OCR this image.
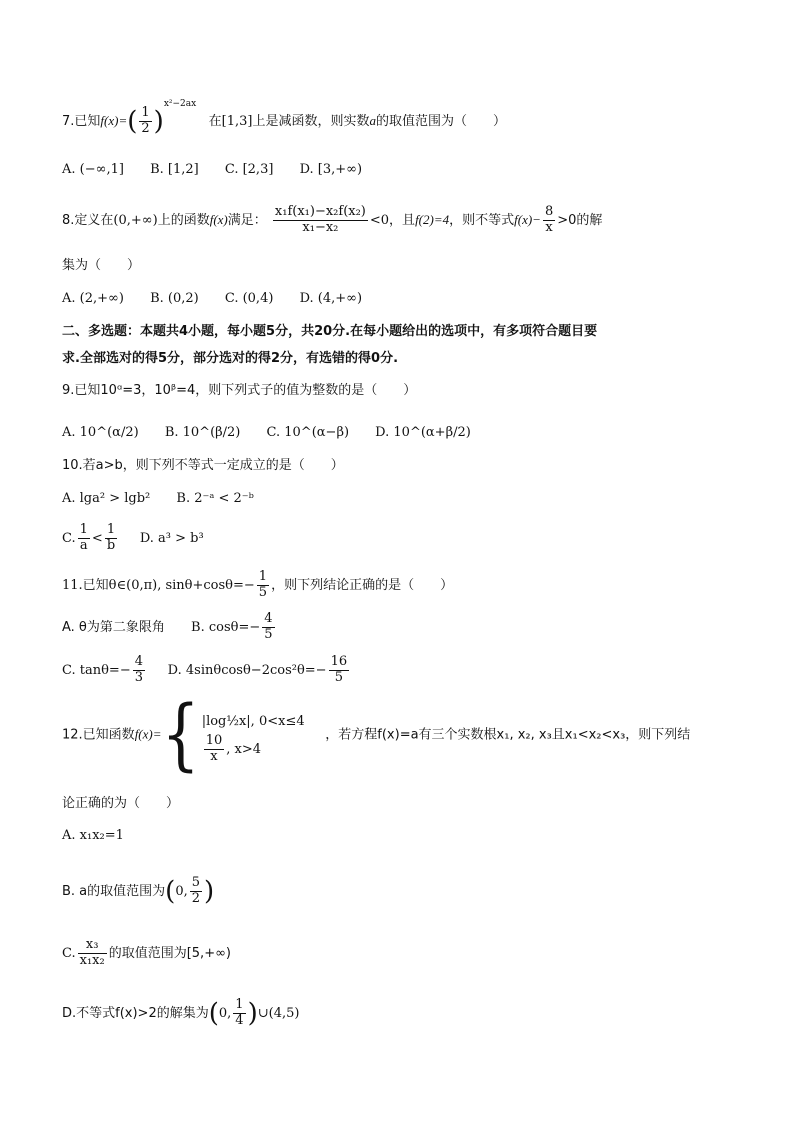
7.已知$f(x)=( \frac{1}{2} )^{x^2-2ax}$   在[1,3]上是减函数，则实数a的取值范围为（　　）
A. (−∞,1] B. [1,2] C. [2,3] D. [3,+∞)
8.定义在(0,+∞)上的函数f(x)满足： $\frac{\text{x₁f(x₁)−x₂f(x₂)}}{\text{x₁−x₂}} <0$，且f(2)=4，则不等式$f(x)- \frac{8}{x} >0$的解
集为（　　）
A. (2,+∞) B. (0,2) C. (0,4) D. (4,+∞)
二、多选题：本题共4小题，每小题5分，共20分.在每小题给出的选项中，有多项符合题目要
求.全部选对的得5分，部分选对的得2分，有选错的得0分.
9.已知10ᵅ=3，10ᵝ=4，则下列式子的值为整数的是（　　）
A. 10^(α/2) B. 10^(β/2) C. 10^(α−β) D. 10^(α+β/2)
10.若a>b，则下列不等式一定成立的是（　　）
A. lga² > lgb² B. 2⁻ᵃ < 2⁻ᵇ
C. $\frac{1}{a} < \frac{1}{b} D$. a³ > b³
11.已知θ∈(0,π), $\sin\theta+\cos\theta=- \frac{1}{5}$ ，则下列结论正确的是（　　）
A. θ为第二象限角 B. $\cos\theta=- \frac{4}{5}$
C. $\tan\theta=- \frac{4}{3} D$. $4\sin\theta\cos\theta-2\cos^2\theta=- \frac{16}{5}$
12.已知函数f(x)={ |log½x|, 0<x≤4
$\frac{10}{x}$ , x>4
，若方程f(x)=a有三个实数根x₁, x₂, x₃且x₁<x₂<x₃，则下列结
论正确的为（　　）
A. x₁x₂=1
B. a的取值范围为(0, $\frac{5}{2}$ )
C. $\frac{\text{x₃}}{\text{x₁x₂}}$ 的取值范围为[5,+∞)
D.不等式f(x)>2的解集为(0, $\frac{1}{4}$ )∪(4,5)
